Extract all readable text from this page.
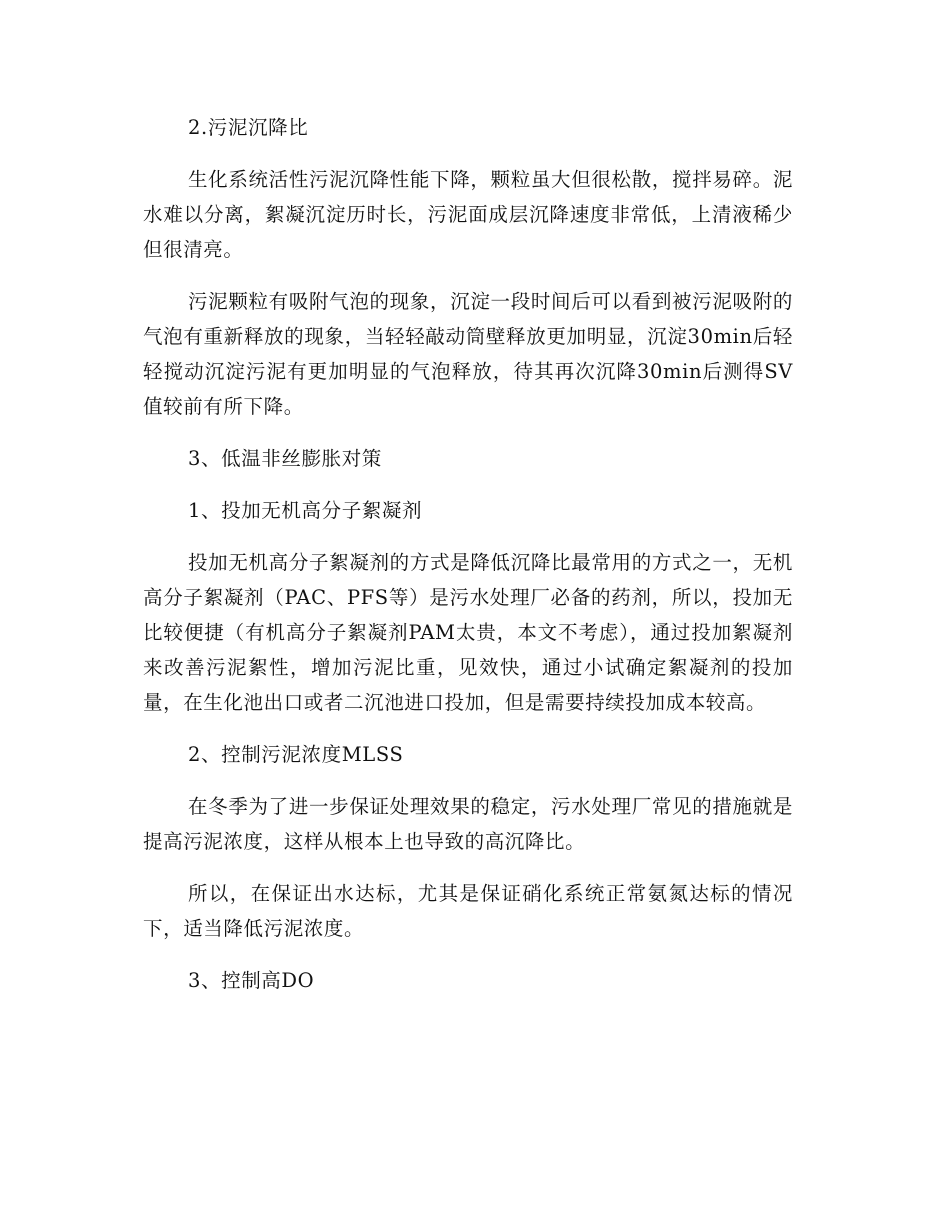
2.污泥沉降比

生化系统活性污泥沉降性能下降，颗粒虽大但很松散，搅拌易碎。泥水难以分离，絮凝沉淀历时长，污泥面成层沉降速度非常低，上清液稀少但很清亮。

污泥颗粒有吸附气泡的现象，沉淀一段时间后可以看到被污泥吸附的气泡有重新释放的现象，当轻轻敲动筒壁释放更加明显，沉淀30min后轻轻搅动沉淀污泥有更加明显的气泡释放，待其再次沉降30min后测得SV值较前有所下降。

3、低温非丝膨胀对策

1、投加无机高分子絮凝剂

投加无机高分子絮凝剂的方式是降低沉降比最常用的方式之一，无机高分子絮凝剂（PAC、PFS等）是污水处理厂必备的药剂，所以，投加无比较便捷（有机高分子絮凝剂PAM太贵，本文不考虑），通过投加絮凝剂来改善污泥絮性，增加污泥比重，见效快，通过小试确定絮凝剂的投加量，在生化池出口或者二沉池进口投加，但是需要持续投加成本较高。

2、控制污泥浓度MLSS

在冬季为了进一步保证处理效果的稳定，污水处理厂常见的措施就是提高污泥浓度，这样从根本上也导致的高沉降比。

所以，在保证出水达标，尤其是保证硝化系统正常氨氮达标的情况下，适当降低污泥浓度。

3、控制高DO
